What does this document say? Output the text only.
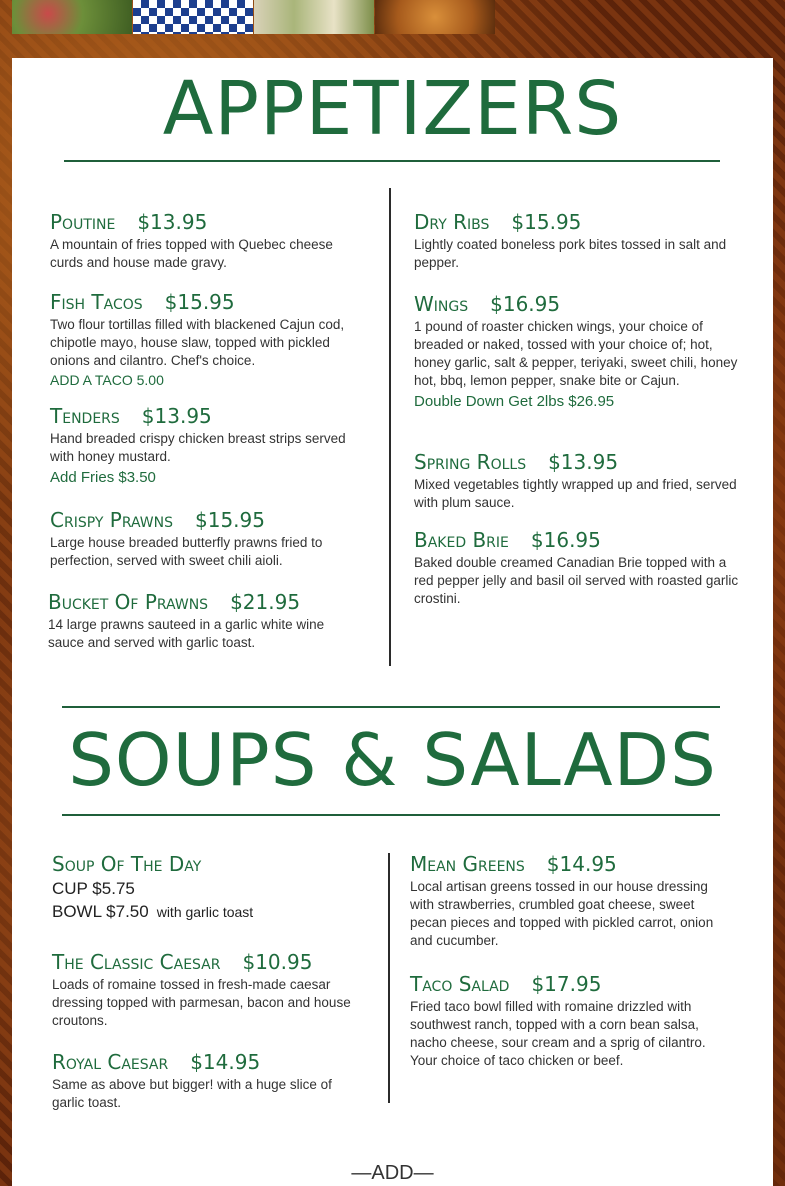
APPETIZERS
Poutine $13.95
A mountain of fries topped with Quebec cheese curds and house made gravy.
Fish Tacos $15.95
Two flour tortillas filled with blackened Cajun cod, chipotle mayo, house slaw, topped with pickled onions and cilantro. Chef's choice.
ADD A TACO 5.00
Tenders $13.95
Hand breaded crispy chicken breast strips served with honey mustard.
Add Fries $3.50
Crispy Prawns $15.95
Large house breaded butterfly prawns fried to perfection, served with sweet chili aioli.
Bucket Of Prawns $21.95
14 large prawns sauteed in a garlic white wine sauce and served with garlic toast.
Dry Ribs $15.95
Lightly coated boneless pork bites tossed in salt and pepper.
Wings $16.95
1 pound of roaster chicken wings, your choice of breaded or naked, tossed with your choice of; hot, honey garlic, salt & pepper, teriyaki, sweet chili, honey hot, bbq, lemon pepper, snake bite or Cajun.
Double Down Get 2lbs $26.95
Spring Rolls $13.95
Mixed vegetables tightly wrapped up and fried, served with plum sauce.
Baked Brie $16.95
Baked double creamed Canadian Brie topped with a red pepper jelly and basil oil served with roasted garlic crostini.
SOUPS & SALADS
Soup Of The Day
CUP $5.75
BOWL $7.50 with garlic toast
The Classic Caesar $10.95
Loads of romaine tossed in fresh-made caesar dressing topped with parmesan, bacon and house croutons.
Royal Caesar $14.95
Same as above but bigger! with a huge slice of garlic toast.
Mean Greens $14.95
Local artisan greens tossed in our house dressing with strawberries, crumbled goat cheese, sweet pecan pieces and topped with pickled carrot, onion and cucumber.
Taco Salad $17.95
Fried taco bowl filled with romaine drizzled with southwest ranch, topped with a corn bean salsa, nacho cheese, sour cream and a sprig of cilantro. Your choice of taco chicken or beef.
—ADD—
